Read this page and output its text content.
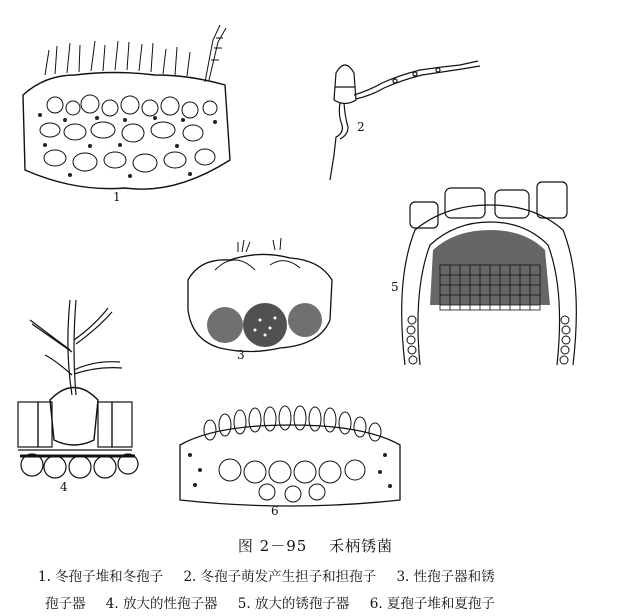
1
2
3
4
5
6
图 2－95 禾柄锈菌
1. 冬孢子堆和冬孢子 2. 冬孢子萌发产生担子和担孢子 3. 性孢子器和锈
孢子器 4. 放大的性孢子器 5. 放大的锈孢子器 6. 夏孢子堆和夏孢子
